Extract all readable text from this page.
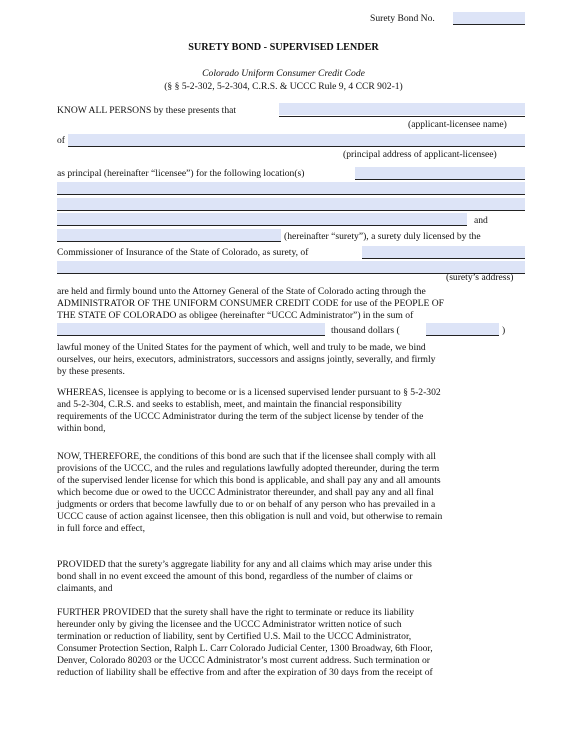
Surety Bond No.
SURETY BOND - SUPERVISED LENDER
Colorado Uniform Consumer Credit Code
(§ § 5-2-302, 5-2-304, C.R.S. & UCCC Rule 9, 4 CCR 902-1)
KNOW ALL PERSONS by these presents that
(applicant-licensee name)
of
(principal address of applicant-licensee)
as principal (hereinafter “licensee”) for the following location(s)
and
(hereinafter “surety”), a surety duly licensed by the
Commissioner of Insurance of the State of Colorado, as surety, of
(surety’s address)
are held and firmly bound unto the Attorney General of the State of Colorado acting through the
ADMINISTRATOR OF THE UNIFORM CONSUMER CREDIT CODE for use of the PEOPLE OF
THE STATE OF COLORADO as obligee (hereinafter “UCCC Administrator”) in the sum of
thousand dollars (	)
lawful money of the United States for the payment of which, well and truly to be made, we bind
ourselves, our heirs, executors, administrators, successors and assigns jointly, severally, and firmly
by these presents.
WHEREAS, licensee is applying to become or is a licensed supervised lender pursuant to § 5-2-302
and 5-2-304, C.R.S. and seeks to establish, meet, and maintain the financial responsibility
requirements of the UCCC Administrator during the term of the subject license by tender of the
within bond,
NOW, THEREFORE, the conditions of this bond are such that if the licensee shall comply with all
provisions of the UCCC, and the rules and regulations lawfully adopted thereunder, during the term
of the supervised lender license for which this bond is applicable, and shall pay any and all amounts
which become due or owed to the UCCC Administrator thereunder, and shall pay any and all final
judgments or orders that become lawfully due to or on behalf of any person who has prevailed in a
UCCC cause of action against licensee, then this obligation is null and void, but otherwise to remain
in full force and effect,
PROVIDED that the surety’s aggregate liability for any and all claims which may arise under this
bond shall in no event exceed the amount of this bond, regardless of the number of claims or
claimants, and
FURTHER PROVIDED that the surety shall have the right to terminate or reduce its liability
hereunder only by giving the licensee and the UCCC Administrator written notice of such
termination or reduction of liability, sent by Certified U.S. Mail to the UCCC Administrator,
Consumer Protection Section, Ralph L. Carr Colorado Judicial Center, 1300 Broadway, 6th Floor,
Denver, Colorado 80203 or the UCCC Administrator’s most current address. Such termination or
reduction of liability shall be effective from and after the expiration of 30 days from the receipt of
